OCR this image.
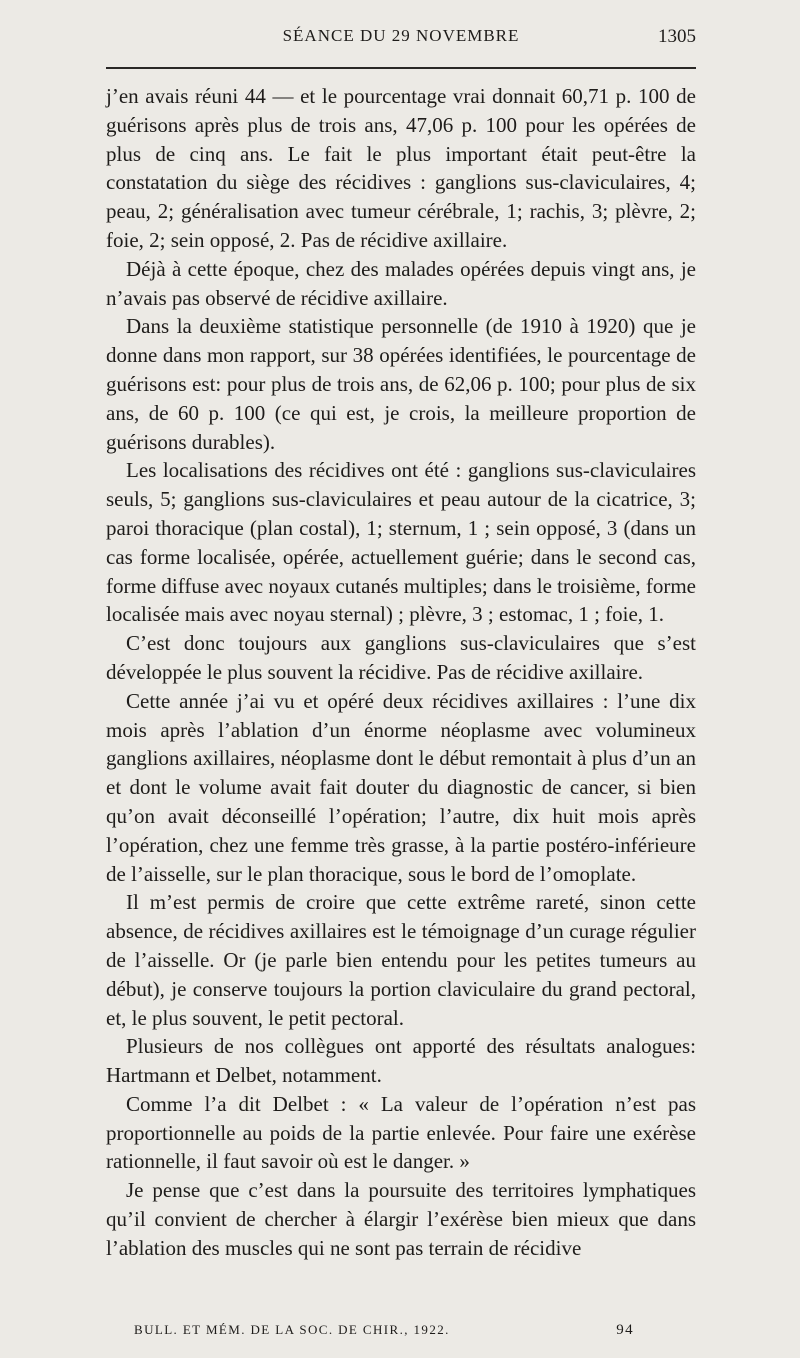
SÉANCE DU 29 NOVEMBRE	1305

j’en avais réuni 44 — et le pourcentage vrai donnait 60,71 p. 100 de guérisons après plus de trois ans, 47,06 p. 100 pour les opérées de plus de cinq ans. Le fait le plus important était peut-être la constatation du siège des récidives : ganglions sus-claviculaires, 4; peau, 2; généralisation avec tumeur cérébrale, 1; rachis, 3; plèvre, 2; foie, 2; sein opposé, 2. Pas de récidive axillaire.

Déjà à cette époque, chez des malades opérées depuis vingt ans, je n’avais pas observé de récidive axillaire.

Dans la deuxième statistique personnelle (de 1910 à 1920) que je donne dans mon rapport, sur 38 opérées identifiées, le pourcentage de guérisons est: pour plus de trois ans, de 62,06 p. 100; pour plus de six ans, de 60 p. 100 (ce qui est, je crois, la meilleure proportion de guérisons durables).

Les localisations des récidives ont été : ganglions sus-claviculaires seuls, 5; ganglions sus-claviculaires et peau autour de la cicatrice, 3; paroi thoracique (plan costal), 1; sternum, 1 ; sein opposé, 3 (dans un cas forme localisée, opérée, actuellement guérie; dans le second cas, forme diffuse avec noyaux cutanés multiples; dans le troisième, forme localisée mais avec noyau sternal) ; plèvre, 3 ; estomac, 1 ; foie, 1.

C’est donc toujours aux ganglions sus-claviculaires que s’est développée le plus souvent la récidive. Pas de récidive axillaire.

Cette année j’ai vu et opéré deux récidives axillaires : l’une dix mois après l’ablation d’un énorme néoplasme avec volumineux ganglions axillaires, néoplasme dont le début remontait à plus d’un an et dont le volume avait fait douter du diagnostic de cancer, si bien qu’on avait déconseillé l’opération; l’autre, dix huit mois après l’opération, chez une femme très grasse, à la partie postéro-inférieure de l’aisselle, sur le plan thoracique, sous le bord de l’omoplate.

Il m’est permis de croire que cette extrême rareté, sinon cette absence, de récidives axillaires est le témoignage d’un curage régulier de l’aisselle. Or (je parle bien entendu pour les petites tumeurs au début), je conserve toujours la portion claviculaire du grand pectoral, et, le plus souvent, le petit pectoral.

Plusieurs de nos collègues ont apporté des résultats analogues: Hartmann et Delbet, notamment.

Comme l’a dit Delbet : « La valeur de l’opération n’est pas proportionnelle au poids de la partie enlevée. Pour faire une exérèse rationnelle, il faut savoir où est le danger. »

Je pense que c’est dans la poursuite des territoires lymphatiques qu’il convient de chercher à élargir l’exérèse bien mieux que dans l’ablation des muscles qui ne sont pas terrain de récidive

BULL. ET MÉM. DE LA SOC. DE CHIR., 1922.	94
